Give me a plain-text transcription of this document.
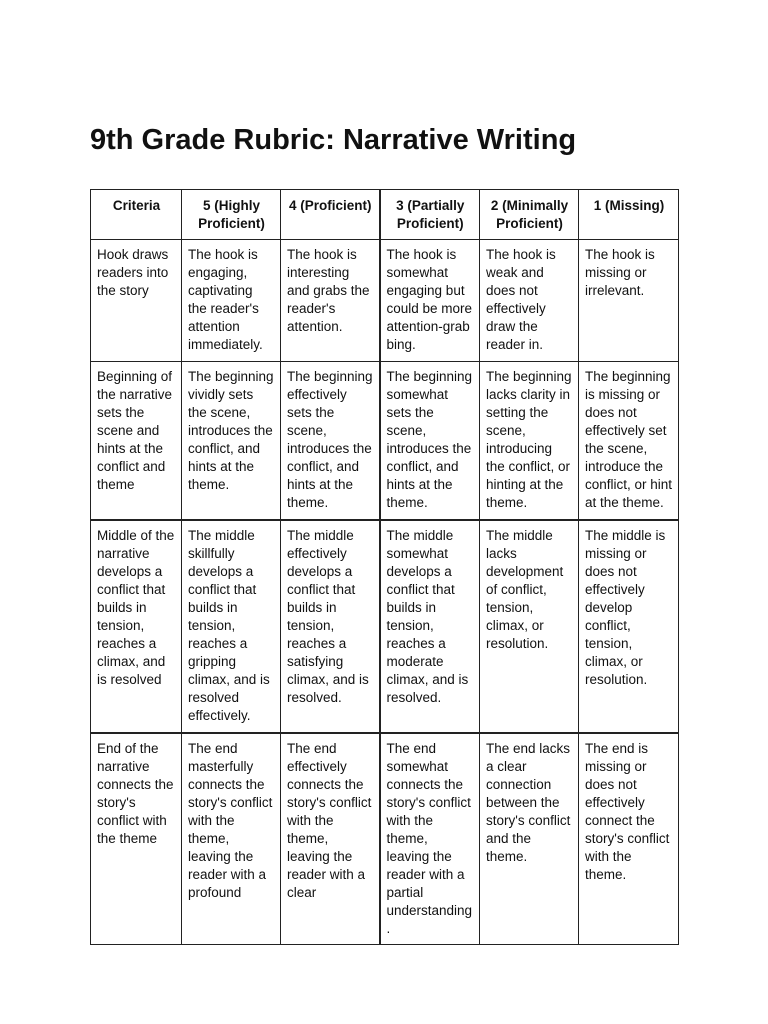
9th Grade Rubric: Narrative Writing
Criteria	5 (Highly Proficient)	4 (Proficient)	3 (Partially Proficient)	2 (Minimally Proficient)	1 (Missing)
Hook draws readers into the story	The hook is engaging, captivating the reader's attention immediately.	The hook is interesting and grabs the reader's attention.	The hook is somewhat engaging but could be more attention-grab bing.	The hook is weak and does not effectively draw the reader in.	The hook is missing or irrelevant.
Beginning of the narrative sets the scene and hints at the conflict and theme	The beginning vividly sets the scene, introduces the conflict, and hints at the theme.	The beginning effectively sets the scene, introduces the conflict, and hints at the theme.	The beginning somewhat sets the scene, introduces the conflict, and hints at the theme.	The beginning lacks clarity in setting the scene, introducing the conflict, or hinting at the theme.	The beginning is missing or does not effectively set the scene, introduce the conflict, or hint at the theme.
Middle of the narrative develops a conflict that builds in tension, reaches a climax, and is resolved	The middle skillfully develops a conflict that builds in tension, reaches a gripping climax, and is resolved effectively.	The middle effectively develops a conflict that builds in tension, reaches a satisfying climax, and is resolved.	The middle somewhat develops a conflict that builds in tension, reaches a moderate climax, and is resolved.	The middle lacks development of conflict, tension, climax, or resolution.	The middle is missing or does not effectively develop conflict, tension, climax, or resolution.
End of the narrative connects the story's conflict with the theme	The end masterfully connects the story's conflict with the theme, leaving the reader with a profound	The end effectively connects the story's conflict with the theme, leaving the reader with a clear	The end somewhat connects the story's conflict with the theme, leaving the reader with a partial understanding .	The end lacks a clear connection between the story's conflict and the theme.	The end is missing or does not effectively connect the story's conflict with the theme.
